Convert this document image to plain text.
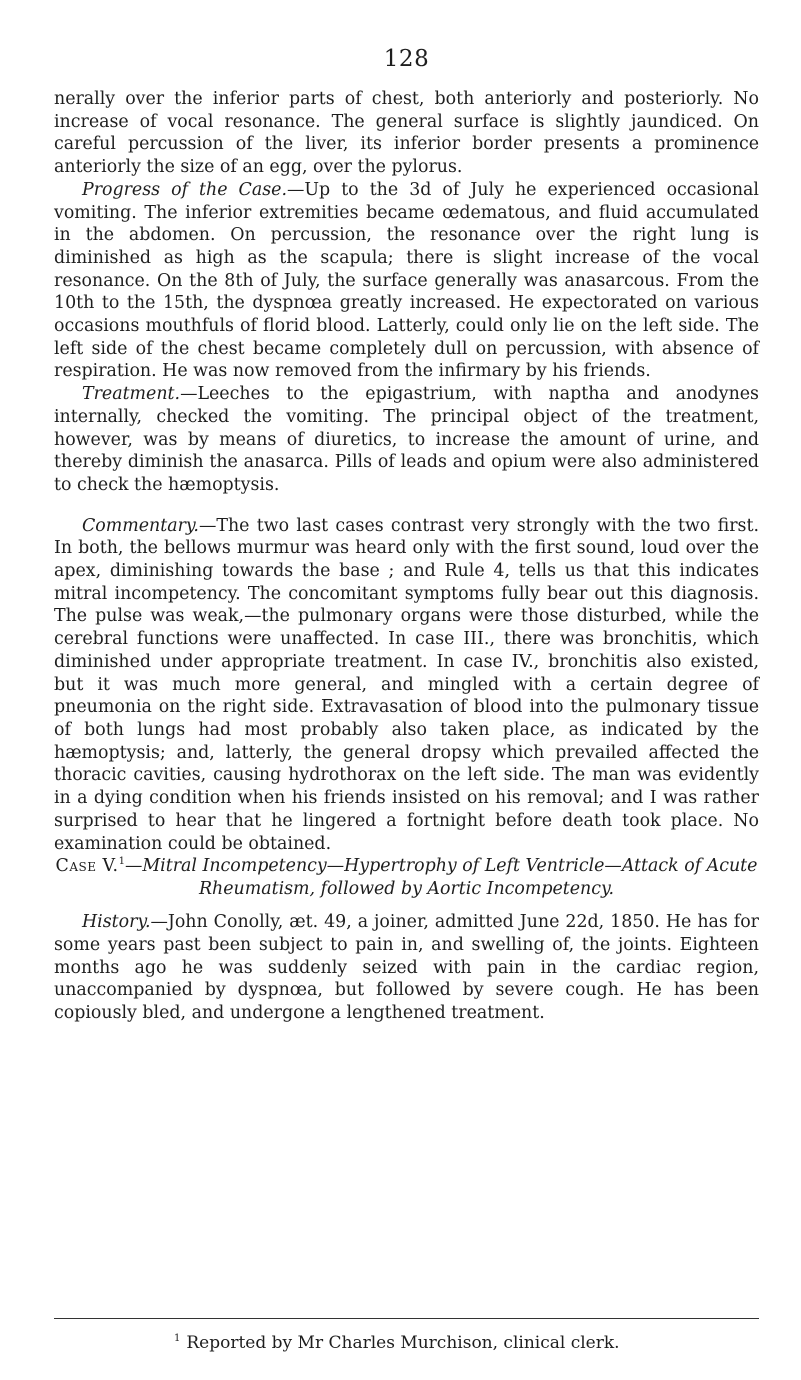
128

nerally over the inferior parts of chest, both anteriorly and posteriorly. No increase of vocal resonance. The general surface is slightly jaundiced. On careful percussion of the liver, its inferior border presents a prominence anteriorly the size of an egg, over the pylorus.

Progress of the Case.—Up to the 3d of July he experienced occasional vomiting. The inferior extremities became œdematous, and fluid accumulated in the abdomen. On percussion, the resonance over the right lung is diminished as high as the scapula; there is slight increase of the vocal resonance. On the 8th of July, the surface generally was anasarcous. From the 10th to the 15th, the dyspnœa greatly increased. He expectorated on various occasions mouthfuls of florid blood. Latterly, could only lie on the left side. The left side of the chest became completely dull on percussion, with absence of respiration. He was now removed from the infirmary by his friends.

Treatment.—Leeches to the epigastrium, with naptha and anodynes internally, checked the vomiting. The principal object of the treatment, however, was by means of diuretics, to increase the amount of urine, and thereby diminish the anasarca. Pills of leads and opium were also administered to check the hæmoptysis.

Commentary.—The two last cases contrast very strongly with the two first. In both, the bellows murmur was heard only with the first sound, loud over the apex, diminishing towards the base ; and Rule 4, tells us that this indicates mitral incompetency. The concomitant symptoms fully bear out this diagnosis. The pulse was weak,—the pulmonary organs were those disturbed, while the cerebral functions were unaffected. In case III., there was bronchitis, which diminished under appropriate treatment. In case IV., bronchitis also existed, but it was much more general, and mingled with a certain degree of pneumonia on the right side. Extravasation of blood into the pulmonary tissue of both lungs had most probably also taken place, as indicated by the hæmoptysis; and, latterly, the general dropsy which prevailed affected the thoracic cavities, causing hydrothorax on the left side. The man was evidently in a dying condition when his friends insisted on his removal; and I was rather surprised to hear that he lingered a fortnight before death took place. No examination could be obtained.

Case V.$^1$—Mitral Incompetency—Hypertrophy of Left Ventricle—Attack of Acute Rheumatism, followed by Aortic Incompetency.

History.—John Conolly, æt. 49, a joiner, admitted June 22d, 1850. He has for some years past been subject to pain in, and swelling of, the joints. Eighteen months ago he was suddenly seized with pain in the cardiac region, unaccompanied by dyspnœa, but followed by severe cough. He has been copiously bled, and undergone a lengthened treatment.

$^1$ Reported by Mr Charles Murchison, clinical clerk.
